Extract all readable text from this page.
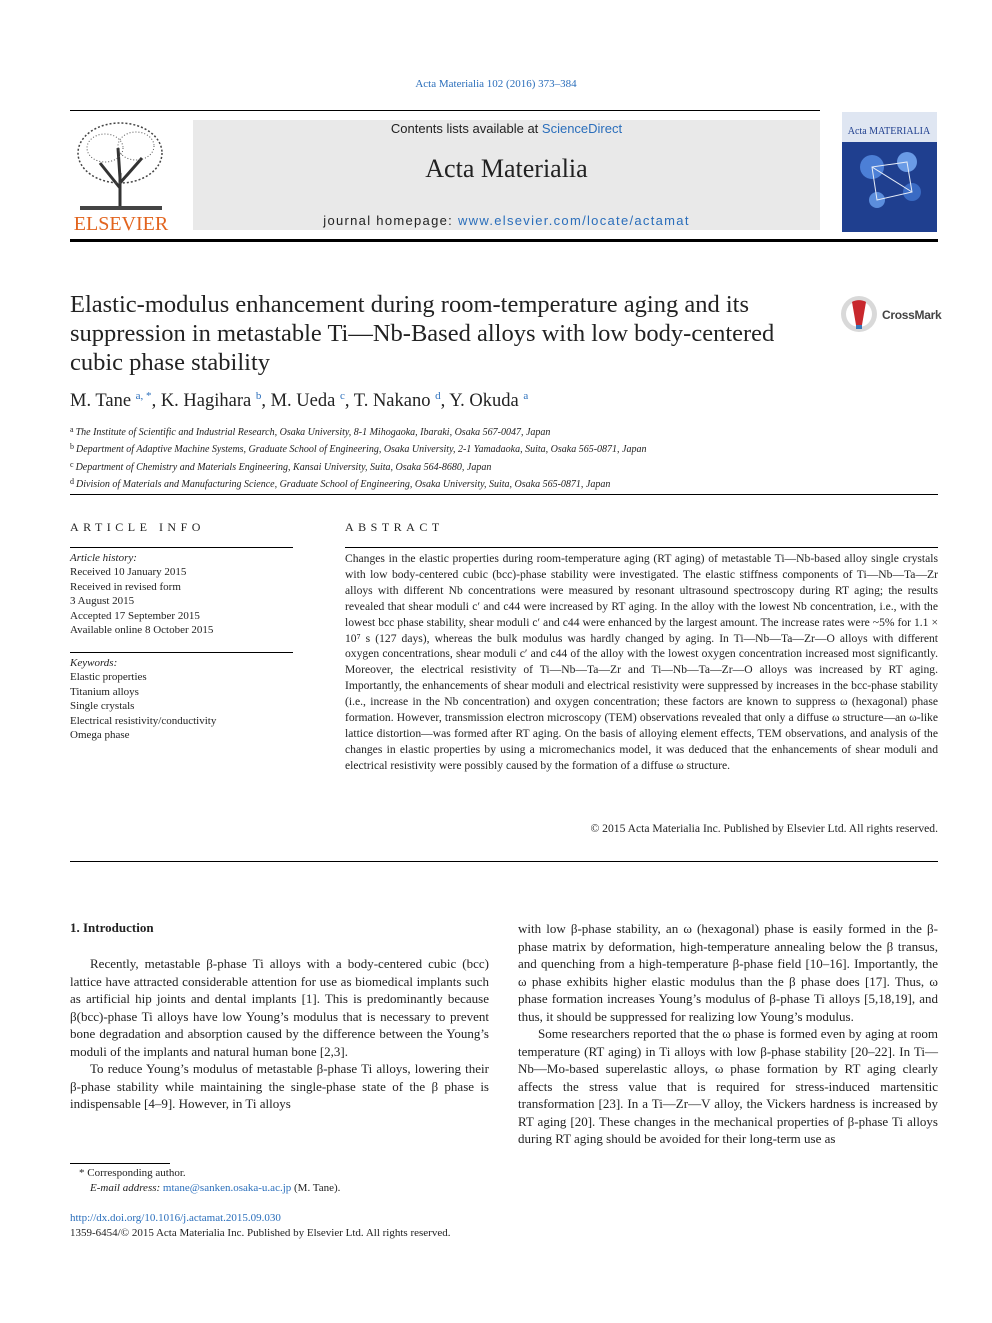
Acta Materialia 102 (2016) 373–384
ELSEVIER
Contents lists available at ScienceDirect
Acta Materialia
journal homepage: www.elsevier.com/locate/actamat
Acta MATERIALIA
Elastic-modulus enhancement during room-temperature aging and its suppression in metastable Ti—Nb-Based alloys with low body-centered cubic phase stability
CrossMark
M. Tane $^{a, *}$, K. Hagihara $^b$, M. Ueda $^c$, T. Nakano $^d$, Y. Okuda $^a$
$^a$ The Institute of Scientific and Industrial Research, Osaka University, 8-1 Mihogaoka, Ibaraki, Osaka 567-0047, Japan
$^b$ Department of Adaptive Machine Systems, Graduate School of Engineering, Osaka University, 2-1 Yamadaoka, Suita, Osaka 565-0871, Japan
$^c$ Department of Chemistry and Materials Engineering, Kansai University, Suita, Osaka 564-8680, Japan
$^d$ Division of Materials and Manufacturing Science, Graduate School of Engineering, Osaka University, Suita, Osaka 565-0871, Japan
ARTICLE INFO	ABSTRACT
Article history:
Received 10 January 2015
Received in revised form
3 August 2015
Accepted 17 September 2015
Available online 8 October 2015
Keywords:
Elastic properties
Titanium alloys
Single crystals
Electrical resistivity/conductivity
Omega phase
Changes in the elastic properties during room-temperature aging (RT aging) of metastable Ti—Nb-based alloy single crystals with low body-centered cubic (bcc)-phase stability were investigated. The elastic stiffness components of Ti—Nb—Ta—Zr alloys with different Nb concentrations were measured by resonant ultrasound spectroscopy during RT aging; the results revealed that shear moduli c′ and c44 were increased by RT aging. In the alloy with the lowest Nb concentration, i.e., with the lowest bcc phase stability, shear moduli c′ and c44 were enhanced by the largest amount. The increase rates were ~5% for 1.1 × 10⁷ s (127 days), whereas the bulk modulus was hardly changed by aging. In Ti—Nb—Ta—Zr—O alloys with different oxygen concentrations, shear moduli c′ and c44 of the alloy with the lowest oxygen concentration increased most significantly. Moreover, the electrical resistivity of Ti—Nb—Ta—Zr and Ti—Nb—Ta—Zr—O alloys was increased by RT aging. Importantly, the enhancements of shear moduli and electrical resistivity were suppressed by increases in the bcc-phase stability (i.e., increase in the Nb concentration) and oxygen concentration; these factors are known to suppress ω (hexagonal) phase formation. However, transmission electron microscopy (TEM) observations revealed that only a diffuse ω structure—an ω-like lattice distortion—was formed after RT aging. On the basis of alloying element effects, TEM observations, and analysis of the changes in elastic properties by using a micromechanics model, it was deduced that the enhancements of shear moduli and electrical resistivity were possibly caused by the formation of a diffuse ω structure.
© 2015 Acta Materialia Inc. Published by Elsevier Ltd. All rights reserved.
1. Introduction

Recently, metastable β-phase Ti alloys with a body-centered cubic (bcc) lattice have attracted considerable attention for use as biomedical implants such as artificial hip joints and dental implants [1]. This is predominantly because β(bcc)-phase Ti alloys have low Young’s modulus that is necessary to prevent bone degradation and absorption caused by the difference between the Young’s moduli of the implants and natural human bone [2,3].

To reduce Young’s modulus of metastable β-phase Ti alloys, lowering their β-phase stability while maintaining the single-phase state of the β phase is indispensable [4–9]. However, in Ti alloys

with low β-phase stability, an ω (hexagonal) phase is easily formed in the β-phase matrix by deformation, high-temperature annealing below the β transus, and quenching from a high-temperature β-phase field [10–16]. Importantly, the ω phase exhibits higher elastic modulus than the β phase does [17]. Thus, ω phase formation increases Young’s modulus of β-phase Ti alloys [5,18,19], and thus, it should be suppressed for realizing low Young’s modulus.

Some researchers reported that the ω phase is formed even by aging at room temperature (RT aging) in Ti alloys with low β-phase stability [20–22]. In Ti—Nb—Mo-based superelastic alloys, ω phase formation by RT aging clearly affects the stress value that is required for stress-induced martensitic transformation [23]. In a Ti—Zr—V alloy, the Vickers hardness is increased by RT aging [20]. These changes in the mechanical properties of β-phase Ti alloys during RT aging should be avoided for their long-term use as

* Corresponding author.
E-mail address: mtane@sanken.osaka-u.ac.jp (M. Tane).
http://dx.doi.org/10.1016/j.actamat.2015.09.030
1359-6454/© 2015 Acta Materialia Inc. Published by Elsevier Ltd. All rights reserved.
